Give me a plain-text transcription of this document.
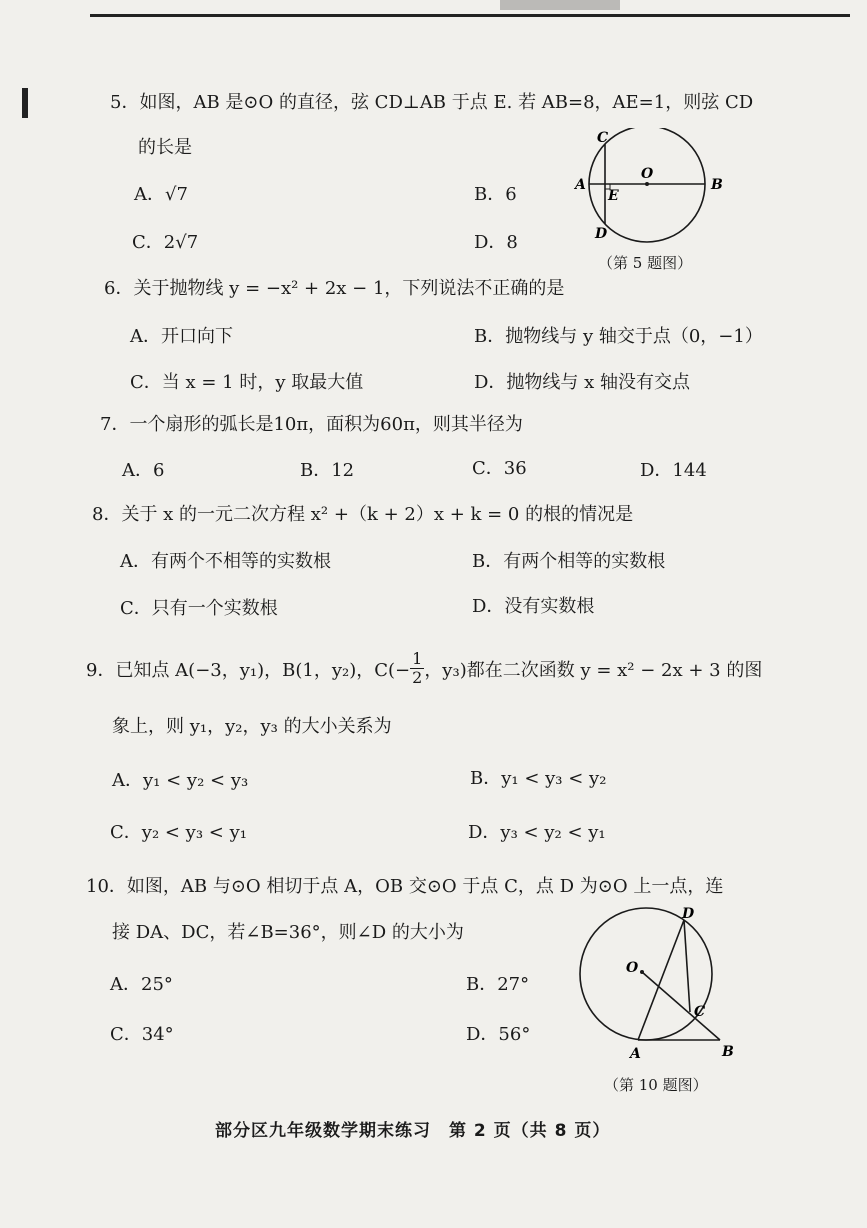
5．如图，AB 是⊙O 的直径，弦 CD⊥AB 于点 E. 若 AB=8，AE=1，则弦 CD
的长是
A．√7	B．6
C．2√7	D．8
C
O
A	B
E
D
（第 5 题图）
6．关于抛物线 y = −x² + 2x − 1，下列说法不正确的是
A．开口向下	B．抛物线与 y 轴交于点（0，−1）
C．当 x = 1 时，y 取最大值	D．抛物线与 x 轴没有交点
7．一个扇形的弧长是10π，面积为60π，则其半径为
A．6	B．12	C．36	D．144
8．关于 x 的一元二次方程 x² +（k + 2）x + k = 0 的根的情况是
A．有两个不相等的实数根	B．有两个相等的实数根
C．只有一个实数根	D．没有实数根
9．已知点 A(−3，y₁)，B(1，y₂)，$C(- \frac{1}{2}$ ，y₃)都在二次函数 y = x² − 2x + 3 的图
象上，则 y₁，y₂，y₃ 的大小关系为
A．y₁ < y₂ < y₃	B．y₁ < y₃ < y₂
C．y₂ < y₃ < y₁	D．y₃ < y₂ < y₁
10．如图，AB 与⊙O 相切于点 A，OB 交⊙O 于点 C，点 D 为⊙O 上一点，连
接 DA、DC，若∠B=36°，则∠D 的大小为
A．25°	B．27°
C．34°	D．56°
D
O
C
A	B
（第 10 题图）
部分区九年级数学期末练习　第 2 页（共 8 页）
